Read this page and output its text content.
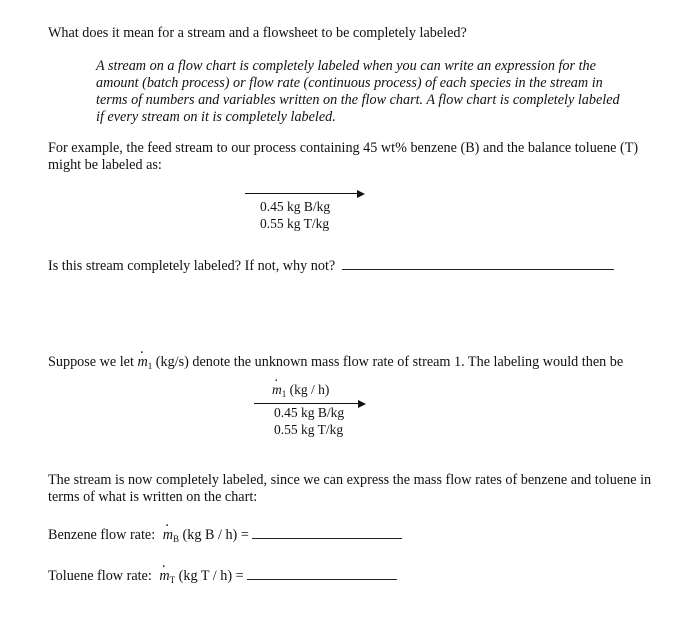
What does it mean for a stream and a flowsheet to be completely labeled?
A stream on a flow chart is completely labeled when you can write an expression for the amount (batch process) or flow rate (continuous process) of each species in the stream in terms of numbers and variables written on the flow chart. A flow chart is completely labeled if every stream on it is completely labeled.
For example, the feed stream to our process containing 45 wt% benzene (B) and the balance toluene (T) might be labeled as:
0.45 kg B/kg
0.55 kg T/kg
Is this stream completely labeled? If not, why not?
Suppose we let · $m_1$ (kg/s) denote the unknown mass flow rate of stream 1. The labeling would then be
· $m_1$ (kg / h)
0.45 kg B/kg
0.55 kg T/kg
The stream is now completely labeled, since we can express the mass flow rates of benzene and toluene in terms of what is written on the chart:
Benzene flow rate: · $m_B$ (kg B / h) =
Toluene flow rate: · $m_T$ (kg T / h) =
